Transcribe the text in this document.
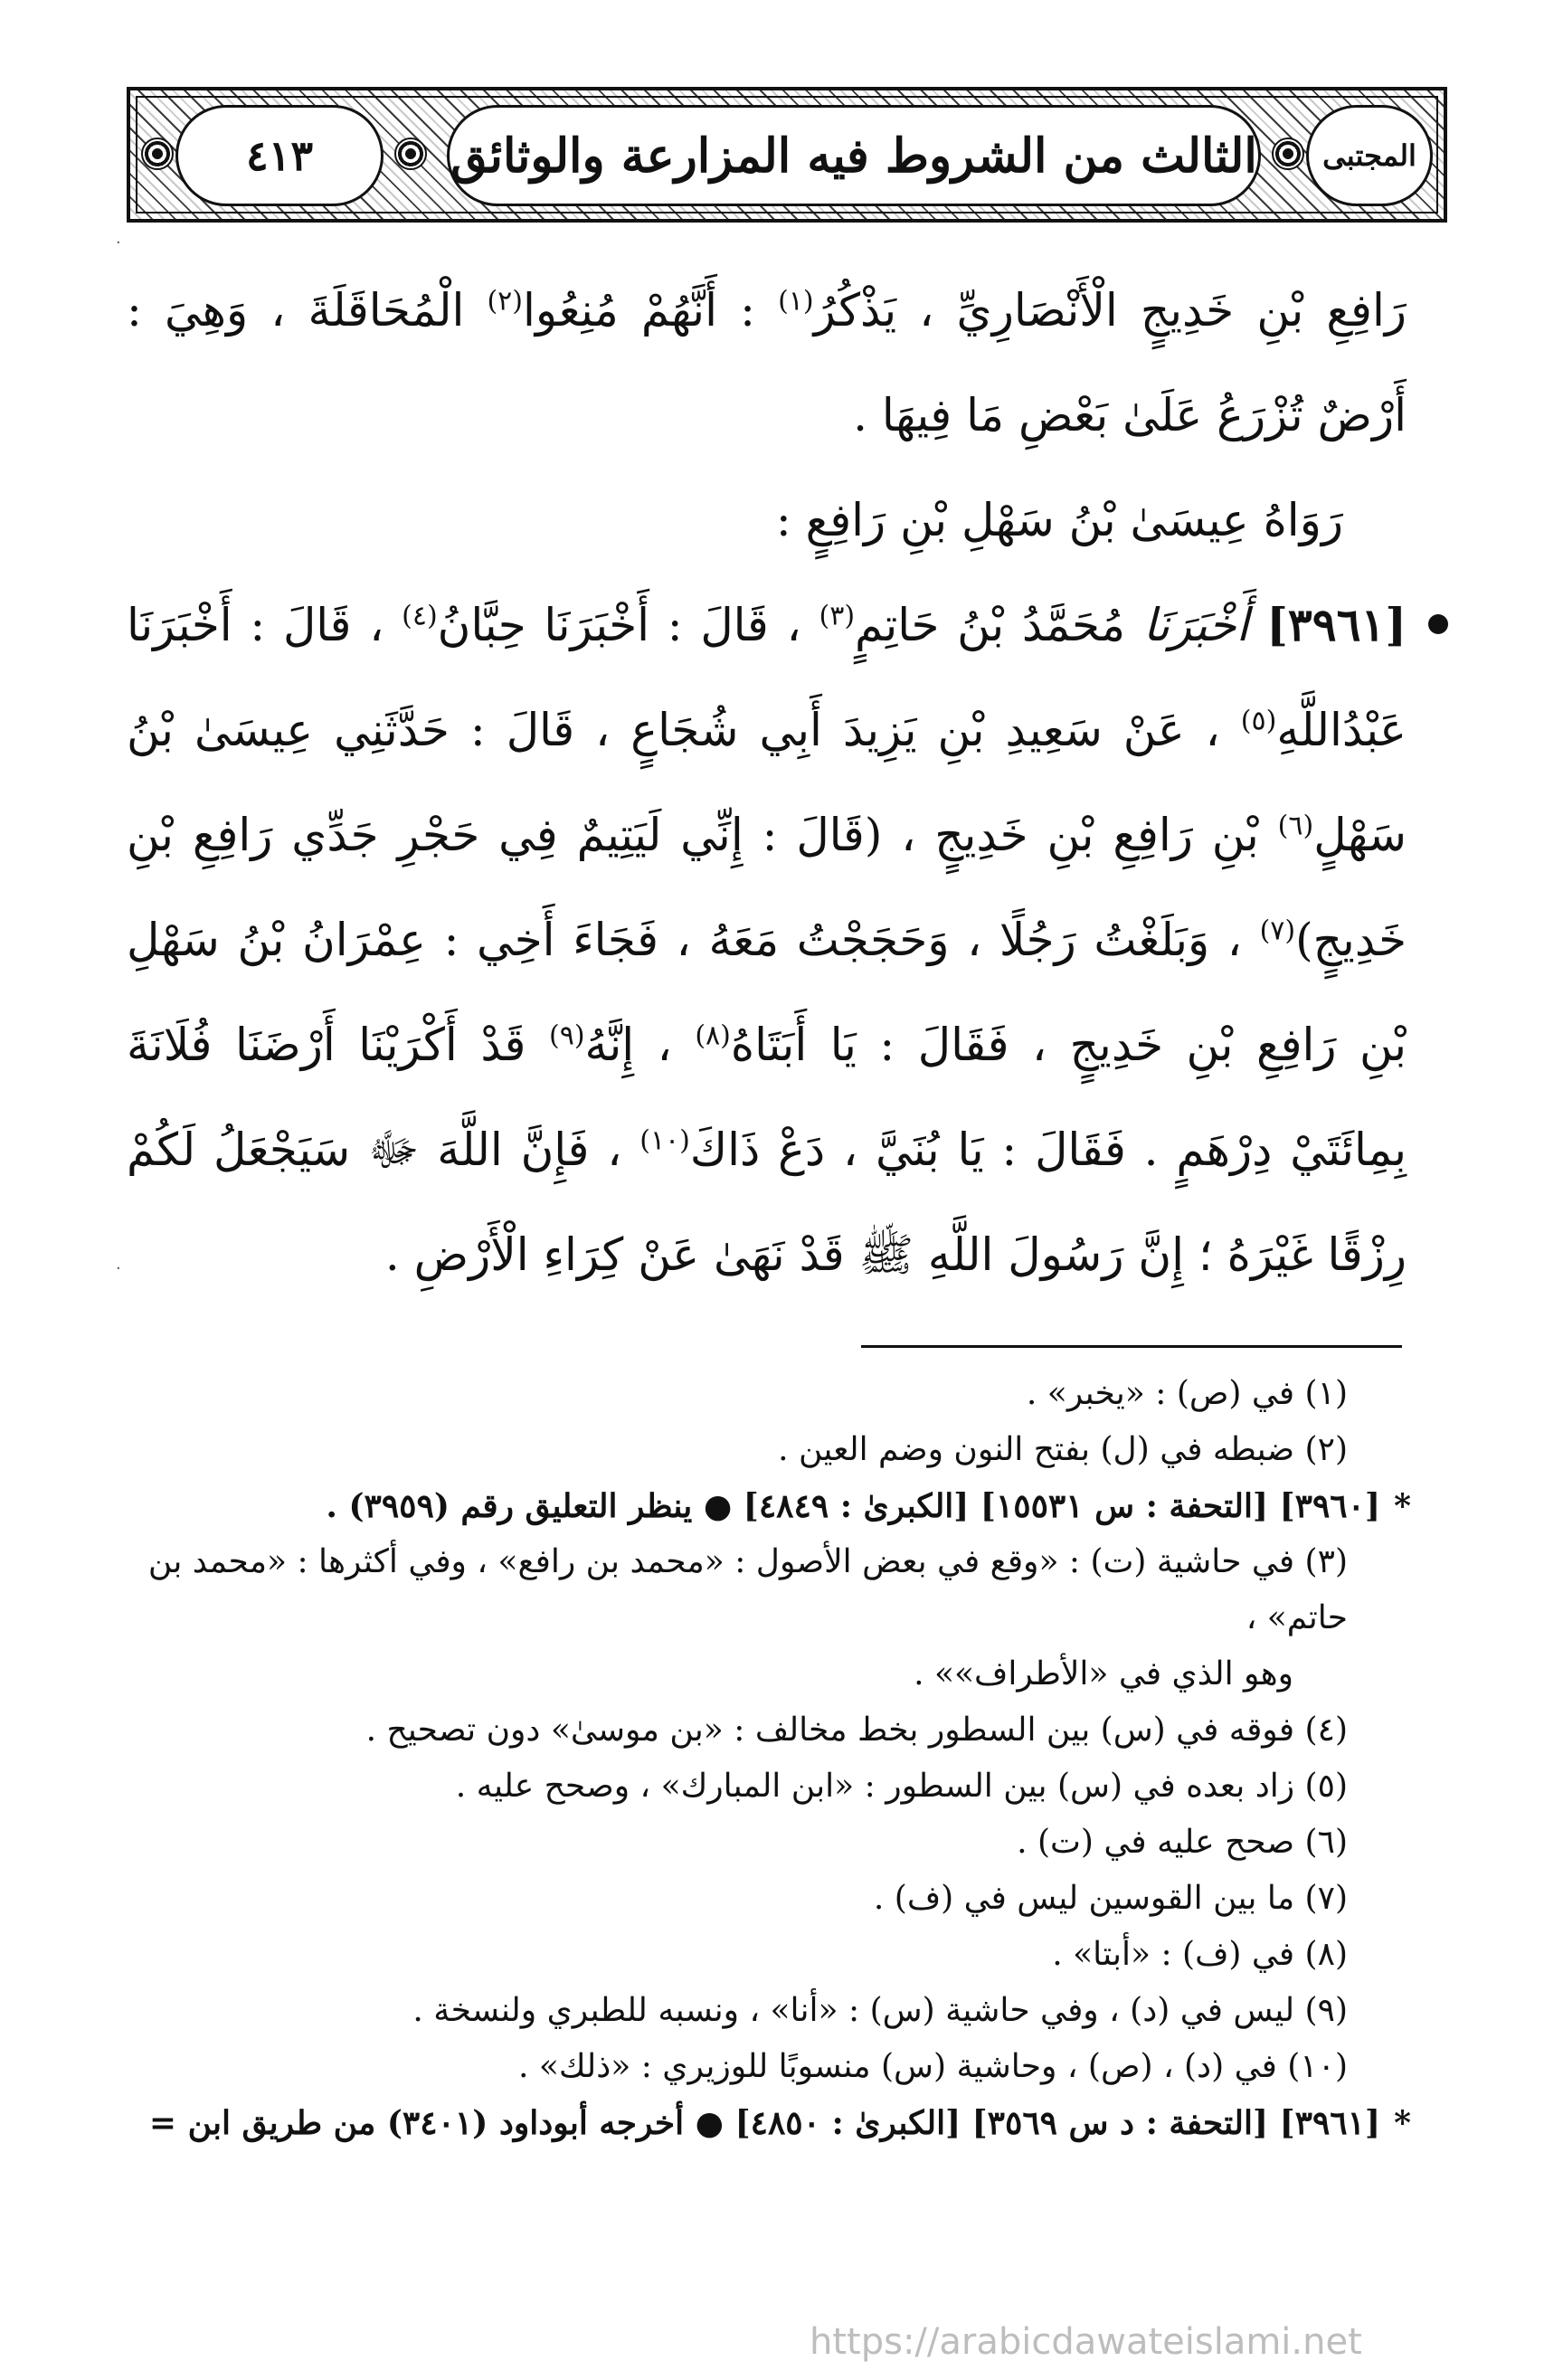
٤١٣	الثالث من الشروط فيه المزارعة والوثائق	المجتبى
·
·

رَافِعِ بْنِ خَدِيجٍ الْأَنْصَارِيِّ ، يَذْكُرُ$^{(١)}$ : أَنَّهُمْ مُنِعُوا$^{(٢)}$ الْمُحَاقَلَةَ ، وَهِيَ : أَرْضٌ تُزْرَعُ عَلَىٰ بَعْضِ مَا فِيهَا .

رَوَاهُ عِيسَىٰ بْنُ سَهْلِ بْنِ رَافِعٍ :

[٣٩٦١] أَخْبَرَنَا مُحَمَّدُ بْنُ حَاتِمٍ$^{(٣)}$ ، قَالَ : أَخْبَرَنَا حِبَّانُ$^{(٤)}$ ، قَالَ : أَخْبَرَنَا عَبْدُاللَّهِ$^{(٥)}$ ، عَنْ سَعِيدِ بْنِ يَزِيدَ أَبِي شُجَاعٍ ، قَالَ : حَدَّثَنِي عِيسَىٰ بْنُ سَهْلٍ$^{(٦)}$ بْنِ رَافِعِ بْنِ خَدِيجٍ ، (قَالَ : إِنِّي لَيَتِيمٌ فِي حَجْرِ جَدِّي رَافِعِ بْنِ خَدِيجٍ)$^{(٧)}$ ، وَبَلَغْتُ رَجُلًا ، وَحَجَجْتُ مَعَهُ ، فَجَاءَ أَخِي : عِمْرَانُ بْنُ سَهْلِ بْنِ رَافِعِ بْنِ خَدِيجٍ ، فَقَالَ : يَا أَبَتَاهُ$^{(٨)}$ ، إِنَّهُ$^{(٩)}$ قَدْ أَكْرَيْنَا أَرْضَنَا فُلَانَةَ بِمِائَتَيْ دِرْهَمٍ . فَقَالَ : يَا بُنَيَّ ، دَعْ ذَاكَ$^{(١٠)}$ ، فَإِنَّ اللَّهَ ﷻ سَيَجْعَلُ لَكُمْ رِزْقًا غَيْرَهُ ؛ إِنَّ رَسُولَ اللَّهِ ﷺ قَدْ نَهَىٰ عَنْ كِرَاءِ الْأَرْضِ .

(١) في (ص) : «يخبر» .

(٢) ضبطه في (ل) بفتح النون وضم العين .

*
[٣٩٦٠] [التحفة : س ١٥٥٣١] [الكبرىٰ : ٤٨٤٩] ● ينظر التعليق رقم (٣٩٥٩) .

(٣) في حاشية (ت) : «وقع في بعض الأصول : «محمد بن رافع» ، وفي أكثرها : «محمد بن حاتم» ،

وهو الذي في «الأطراف»» .

(٤) فوقه في (س) بين السطور بخط مخالف : «بن موسىٰ» دون تصحيح .

(٥) زاد بعده في (س) بين السطور : «ابن المبارك» ، وصحح عليه .

(٦) صحح عليه في (ت) .

(٧) ما بين القوسين ليس في (ف) .

(٨) في (ف) : «أبتا» .

(٩) ليس في (د) ، وفي حاشية (س) : «أنا» ، ونسبه للطبري ولنسخة .

(١٠) في (د) ، (ص) ، وحاشية (س) منسوبًا للوزيري : «ذلك» .

*
[٣٩٦١] [التحفة : د س ٣٥٦٩] [الكبرىٰ : ٤٨٥٠] ● أخرجه أبوداود (٣٤٠١) من طريق ابن =

https://arabicdawateislami.net
